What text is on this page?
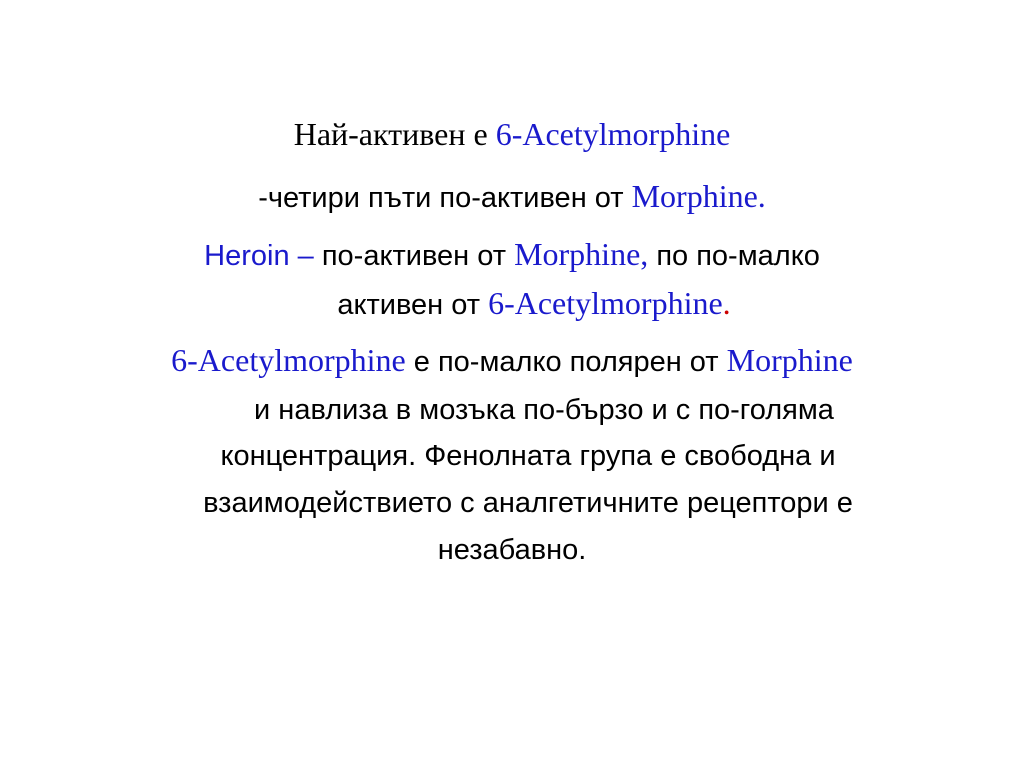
Най-активен е 6-Acetylmorphine
-четири пъти по-активен от Morphine.
Heroin – по-активен от Morphine, по по-малко
активен от 6-Acetylmorphine.
6-Acetylmorphine е по-малко полярен от Morphine
и навлиза в мозъка по-бързо и с по-голяма
концентрация. Фенолната група е свободна и
взаимодействието с аналгетичните рецептори е
незабавно.
